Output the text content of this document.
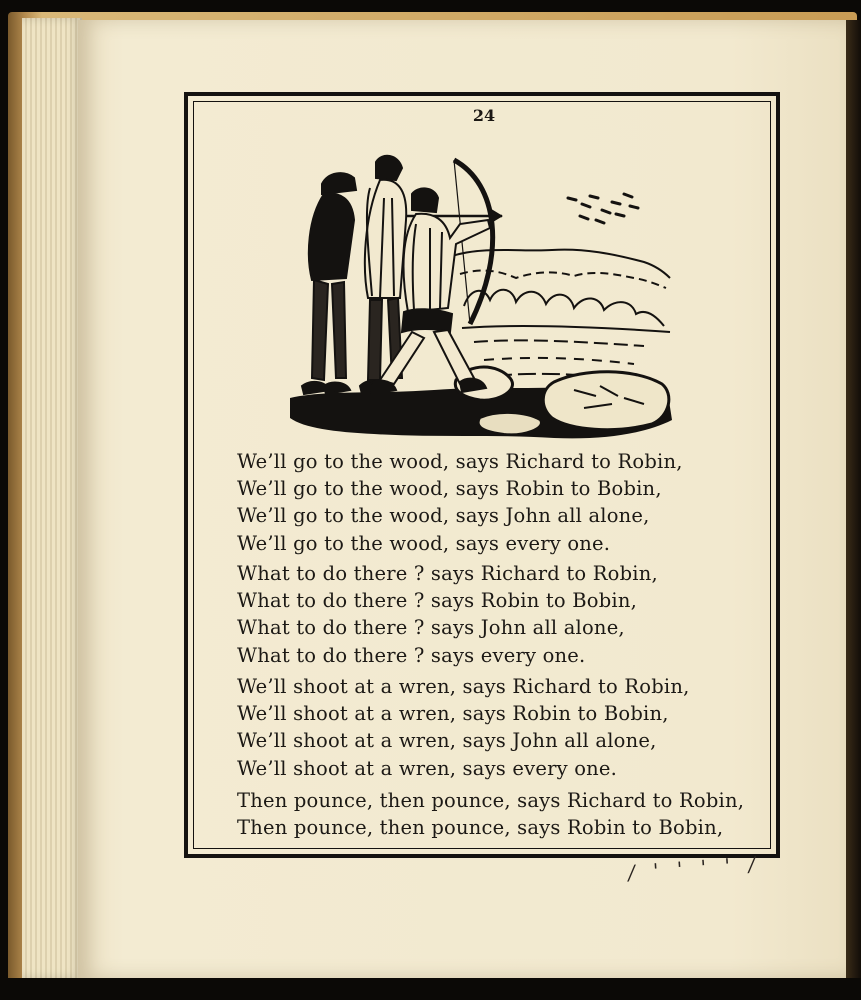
24
We’ll go to the wood, says Richard to Robin,
We’ll go to the wood, says Robin to Bobin,
We’ll go to the wood, says John all alone,
We’ll go to the wood, says every one.
What to do there ? says Richard to Robin,
What to do there ? says Robin to Bobin,
What to do there ? says John all alone,
What to do there ? says every one.
We’ll shoot at a wren, says Richard to Robin,
We’ll shoot at a wren, says Robin to Bobin,
We’ll shoot at a wren, says John all alone,
We’ll shoot at a wren, says every one.
Then pounce, then pounce, says Richard to Robin,
Then pounce, then pounce, says Robin to Bobin,
/ ' ' ' ' /
